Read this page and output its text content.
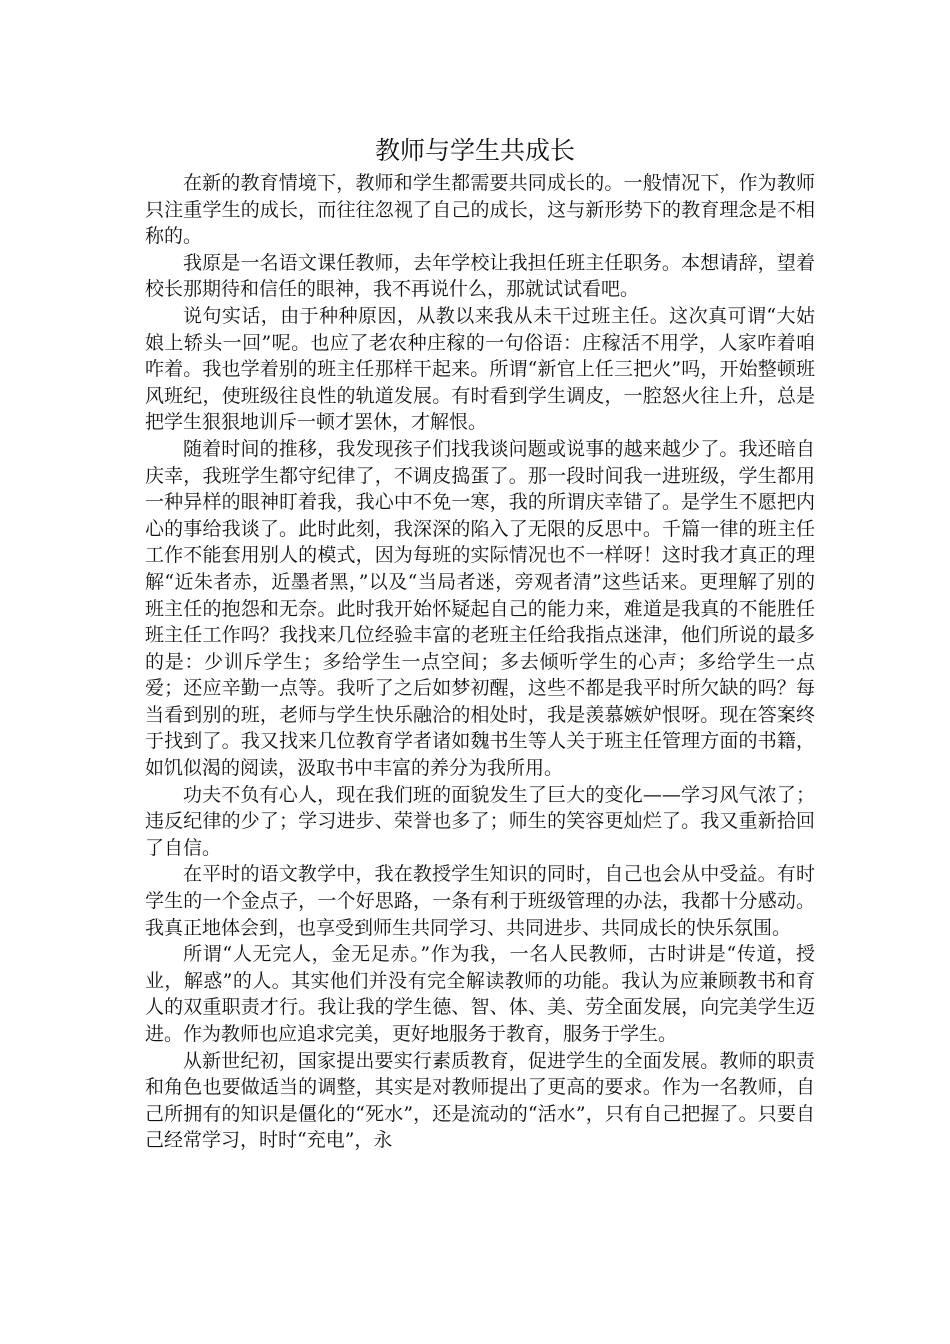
教师与学生共成长

在新的教育情境下，教师和学生都需要共同成长的。一般情况下，作为教师只注重学生的成长，而往往忽视了自己的成长，这与新形势下的教育理念是不相称的。

我原是一名语文课任教师，去年学校让我担任班主任职务。本想请辞，望着校长那期待和信任的眼神，我不再说什么，那就试试看吧。

说句实话，由于种种原因，从教以来我从未干过班主任。这次真可谓“大姑娘上轿头一回”呢。也应了老农种庄稼的一句俗语：庄稼活不用学，人家咋着咱咋着。我也学着别的班主任那样干起来。所谓“新官上任三把火”吗，开始整顿班风班纪，使班级往良性的轨道发展。有时看到学生调皮，一腔怒火往上升，总是把学生狠狠地训斥一顿才罢休，才解恨。

随着时间的推移，我发现孩子们找我谈问题或说事的越来越少了。我还暗自庆幸，我班学生都守纪律了，不调皮捣蛋了。那一段时间我一进班级，学生都用一种异样的眼神盯着我，我心中不免一寒，我的所谓庆幸错了。是学生不愿把内心的事给我谈了。此时此刻，我深深的陷入了无限的反思中。千篇一律的班主任工作不能套用别人的模式，因为每班的实际情况也不一样呀！这时我才真正的理解“近朱者赤，近墨者黑，”以及“当局者迷，旁观者清”这些话来。更理解了别的班主任的抱怨和无奈。此时我开始怀疑起自己的能力来，难道是我真的不能胜任班主任工作吗？我找来几位经验丰富的老班主任给我指点迷津，他们所说的最多的是：少训斥学生；多给学生一点空间；多去倾听学生的心声；多给学生一点爱；还应辛勤一点等。我听了之后如梦初醒，这些不都是我平时所欠缺的吗？每当看到别的班，老师与学生快乐融洽的相处时，我是羡慕嫉妒恨呀。现在答案终于找到了。我又找来几位教育学者诸如魏书生等人关于班主任管理方面的书籍，如饥似渴的阅读，汲取书中丰富的养分为我所用。

功夫不负有心人，现在我们班的面貌发生了巨大的变化——学习风气浓了；违反纪律的少了；学习进步、荣誉也多了；师生的笑容更灿烂了。我又重新拾回了自信。

在平时的语文教学中，我在教授学生知识的同时，自己也会从中受益。有时学生的一个金点子，一个好思路，一条有利于班级管理的办法，我都十分感动。我真正地体会到，也享受到师生共同学习、共同进步、共同成长的快乐氛围。

所谓“人无完人，金无足赤。”作为我，一名人民教师，古时讲是“传道，授业，解惑”的人。其实他们并没有完全解读教师的功能。我认为应兼顾教书和育人的双重职责才行。我让我的学生德、智、体、美、劳全面发展，向完美学生迈进。作为教师也应追求完美，更好地服务于教育，服务于学生。

从新世纪初，国家提出要实行素质教育，促进学生的全面发展。教师的职责和角色也要做适当的调整，其实是对教师提出了更高的要求。作为一名教师，自己所拥有的知识是僵化的“死水”，还是流动的“活水”，只有自己把握了。只要自己经常学习，时时“充电”，永
